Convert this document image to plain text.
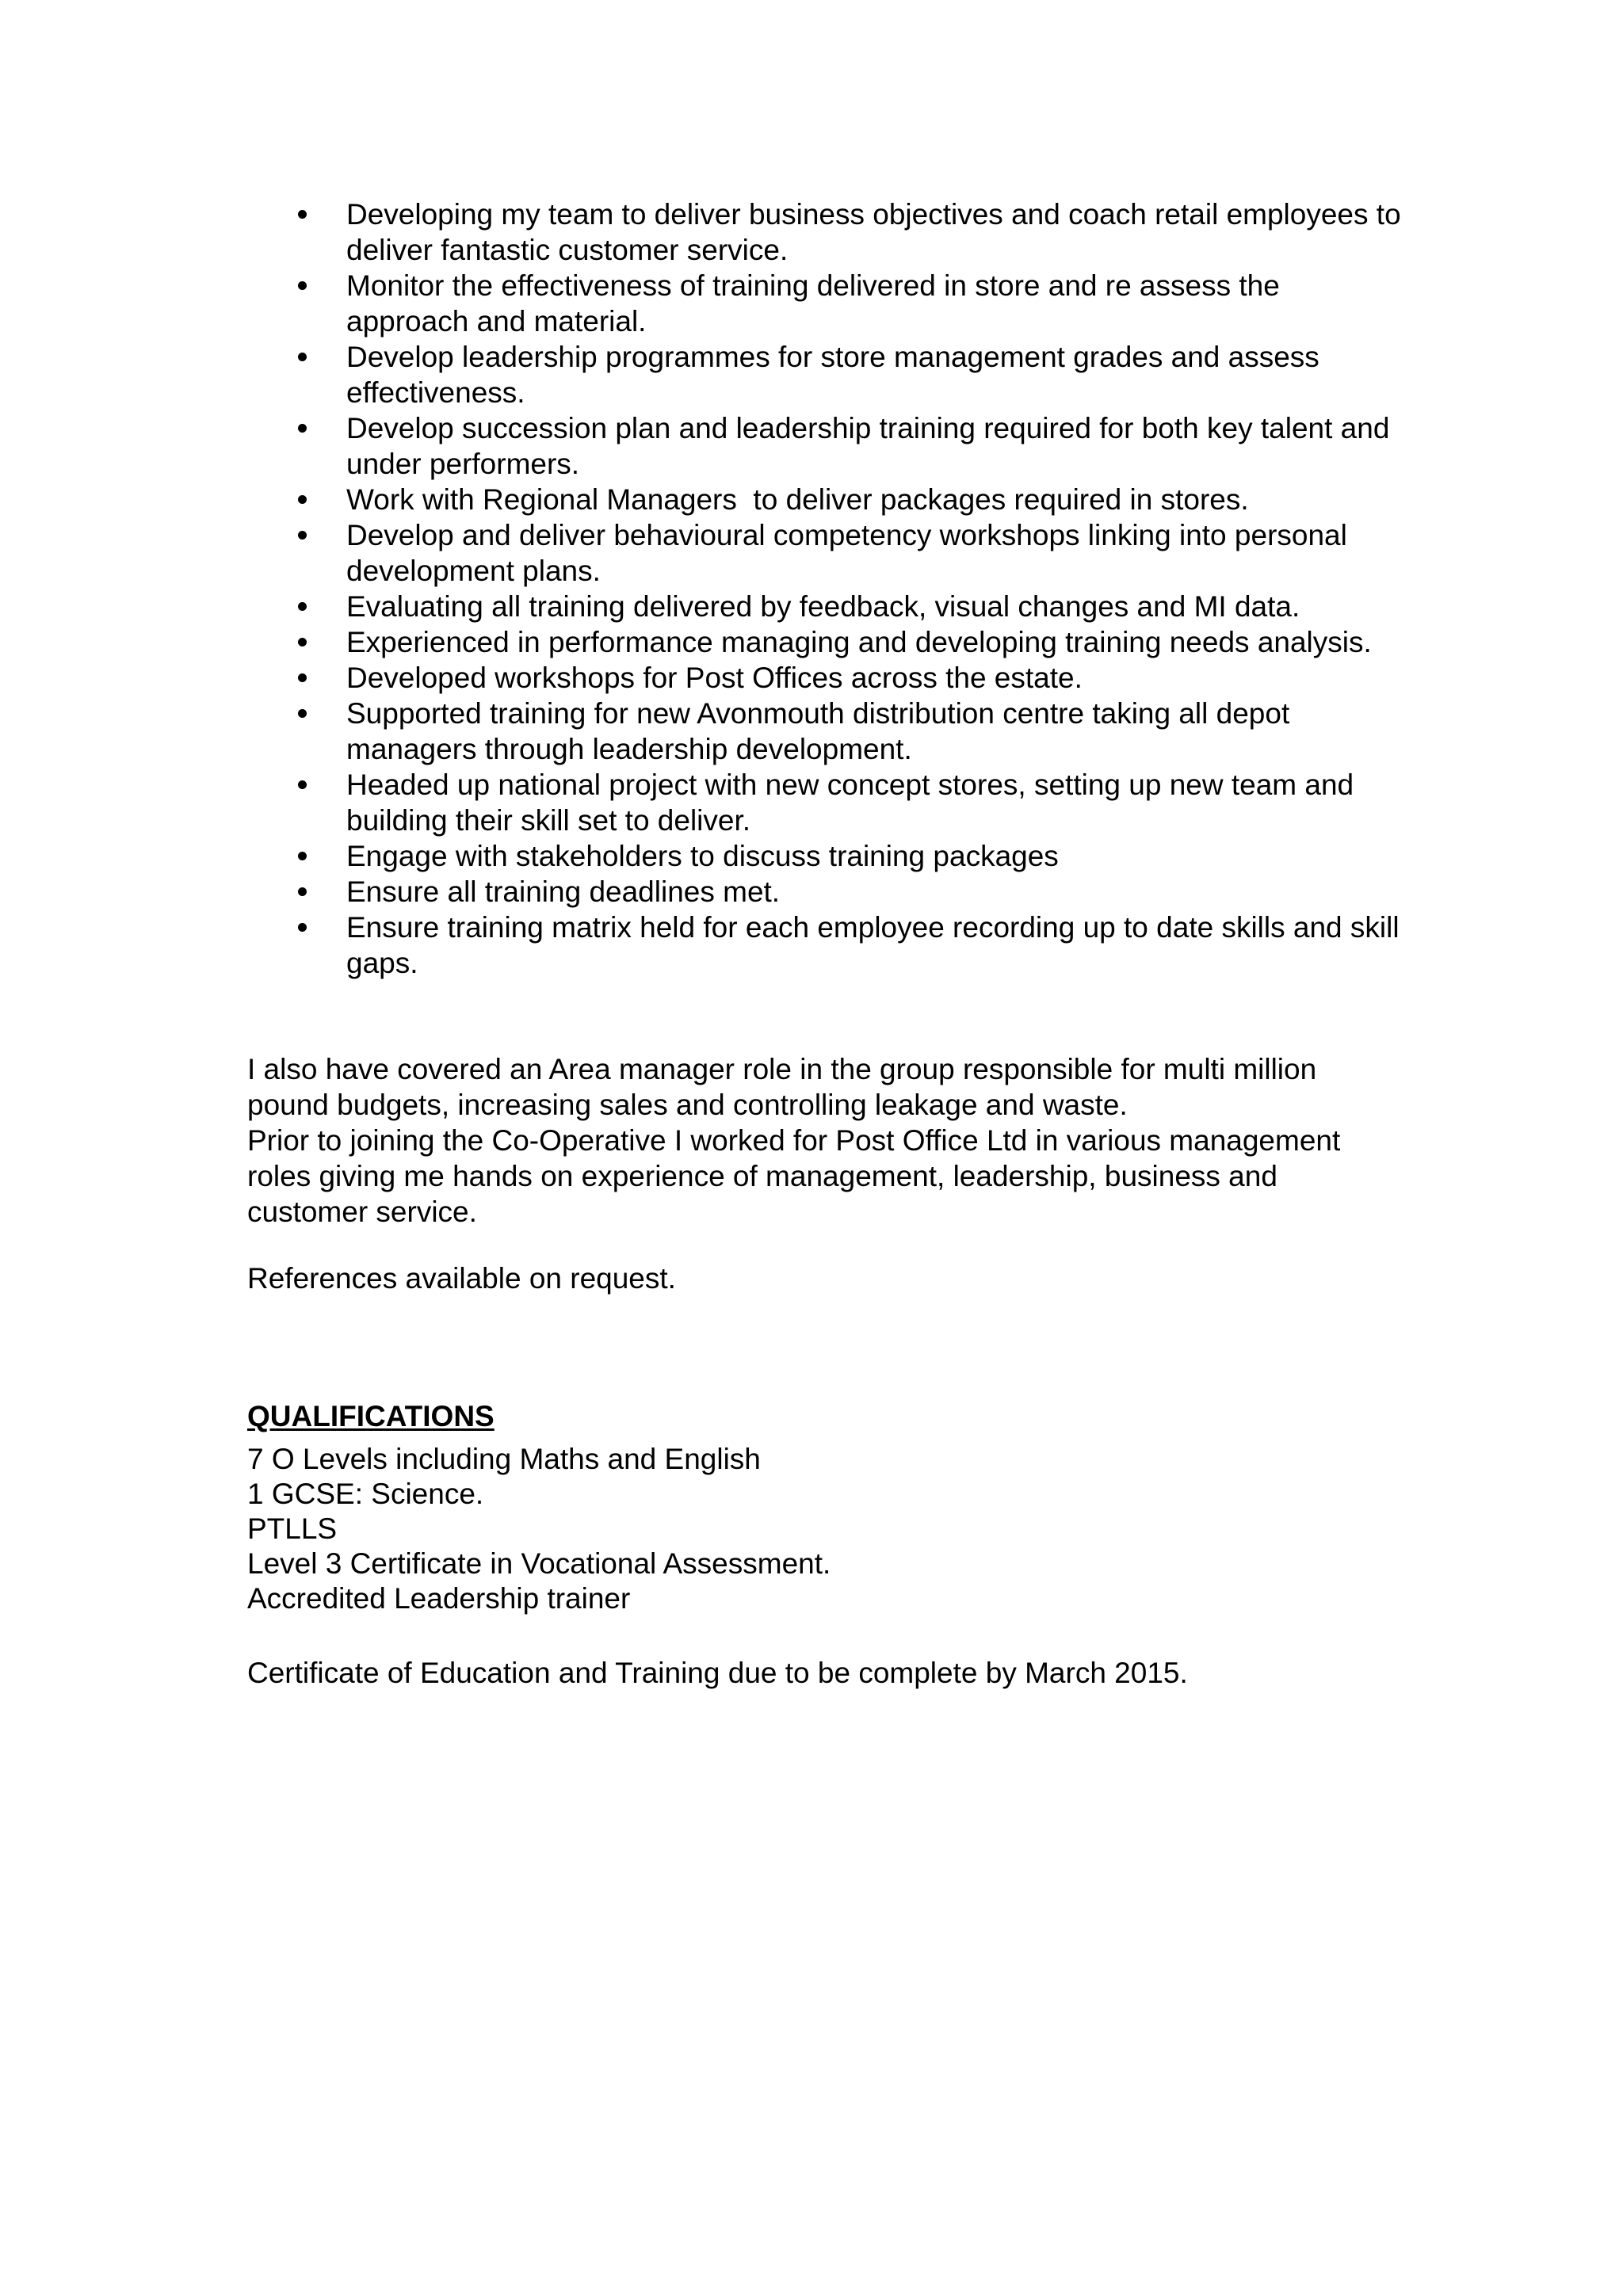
Developing my team to deliver business objectives and coach retail employees to deliver fantastic customer service.
Monitor the effectiveness of training delivered in store and re assess the approach and material.
Develop leadership programmes for store management grades and assess effectiveness.
Develop succession plan and leadership training required for both key talent and under performers.
Work with Regional Managers  to deliver packages required in stores.
Develop and deliver behavioural competency workshops linking into personal development plans.
Evaluating all training delivered by feedback, visual changes and MI data.
Experienced in performance managing and developing training needs analysis.
Developed workshops for Post Offices across the estate.
Supported training for new Avonmouth distribution centre taking all depot managers through leadership development.
Headed up national project with new concept stores, setting up new team and building their skill set to deliver.
Engage with stakeholders to discuss training packages
Ensure all training deadlines met.
Ensure training matrix held for each employee recording up to date skills and skill gaps.

I also have covered an Area manager role in the group responsible for multi million pound budgets, increasing sales and controlling leakage and waste.

Prior to joining the Co-Operative I worked for Post Office Ltd in various management roles giving me hands on experience of management, leadership, business and customer service.

References available on request.

QUALIFICATIONS
7 O Levels including Maths and English
1 GCSE: Science.
PTLLS
Level 3 Certificate in Vocational Assessment.
Accredited Leadership trainer

Certificate of Education and Training due to be complete by March 2015.
